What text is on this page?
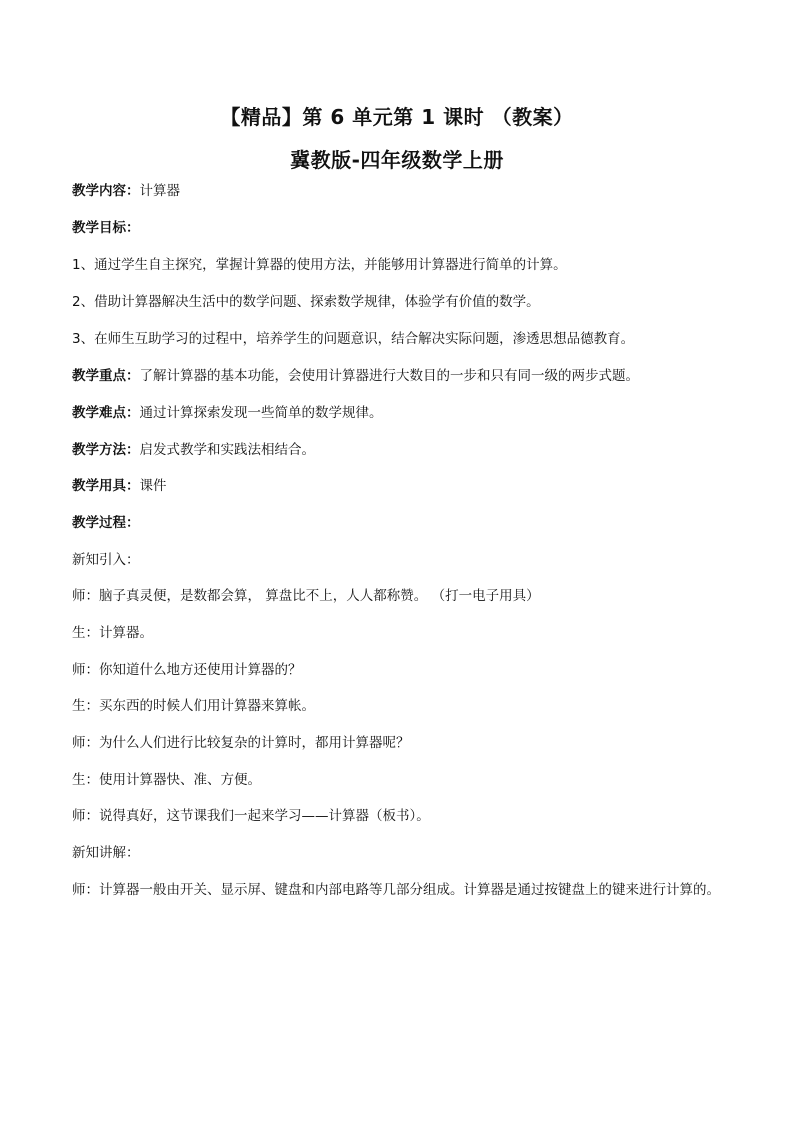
【精品】第 6 单元第 1 课时 （教案）
冀教版-四年级数学上册
教学内容：计算器
教学目标：
1、通过学生自主探究，掌握计算器的使用方法，并能够用计算器进行简单的计算。
2、借助计算器解决生活中的数学问题、探索数学规律，体验学有价值的数学。
3、在师生互助学习的过程中，培养学生的问题意识，结合解决实际问题，渗透思想品德教育。
教学重点：了解计算器的基本功能，会使用计算器进行大数目的一步和只有同一级的两步式题。
教学难点：通过计算探索发现一些简单的数学规律。
教学方法：启发式教学和实践法相结合。
教学用具：课件
教学过程：
新知引入：
师：脑子真灵便，是数都会算， 算盘比不上，人人都称赞。 （打一电子用具）
生：计算器。
师：你知道什么地方还使用计算器的？
生：买东西的时候人们用计算器来算帐。
师：为什么人们进行比较复杂的计算时，都用计算器呢？
生：使用计算器快、准、方便。
师：说得真好，这节课我们一起来学习——计算器（板书）。
新知讲解：
师：计算器一般由开关、显示屏、键盘和内部电路等几部分组成。计算器是通过按键盘上的键来进行计算的。
